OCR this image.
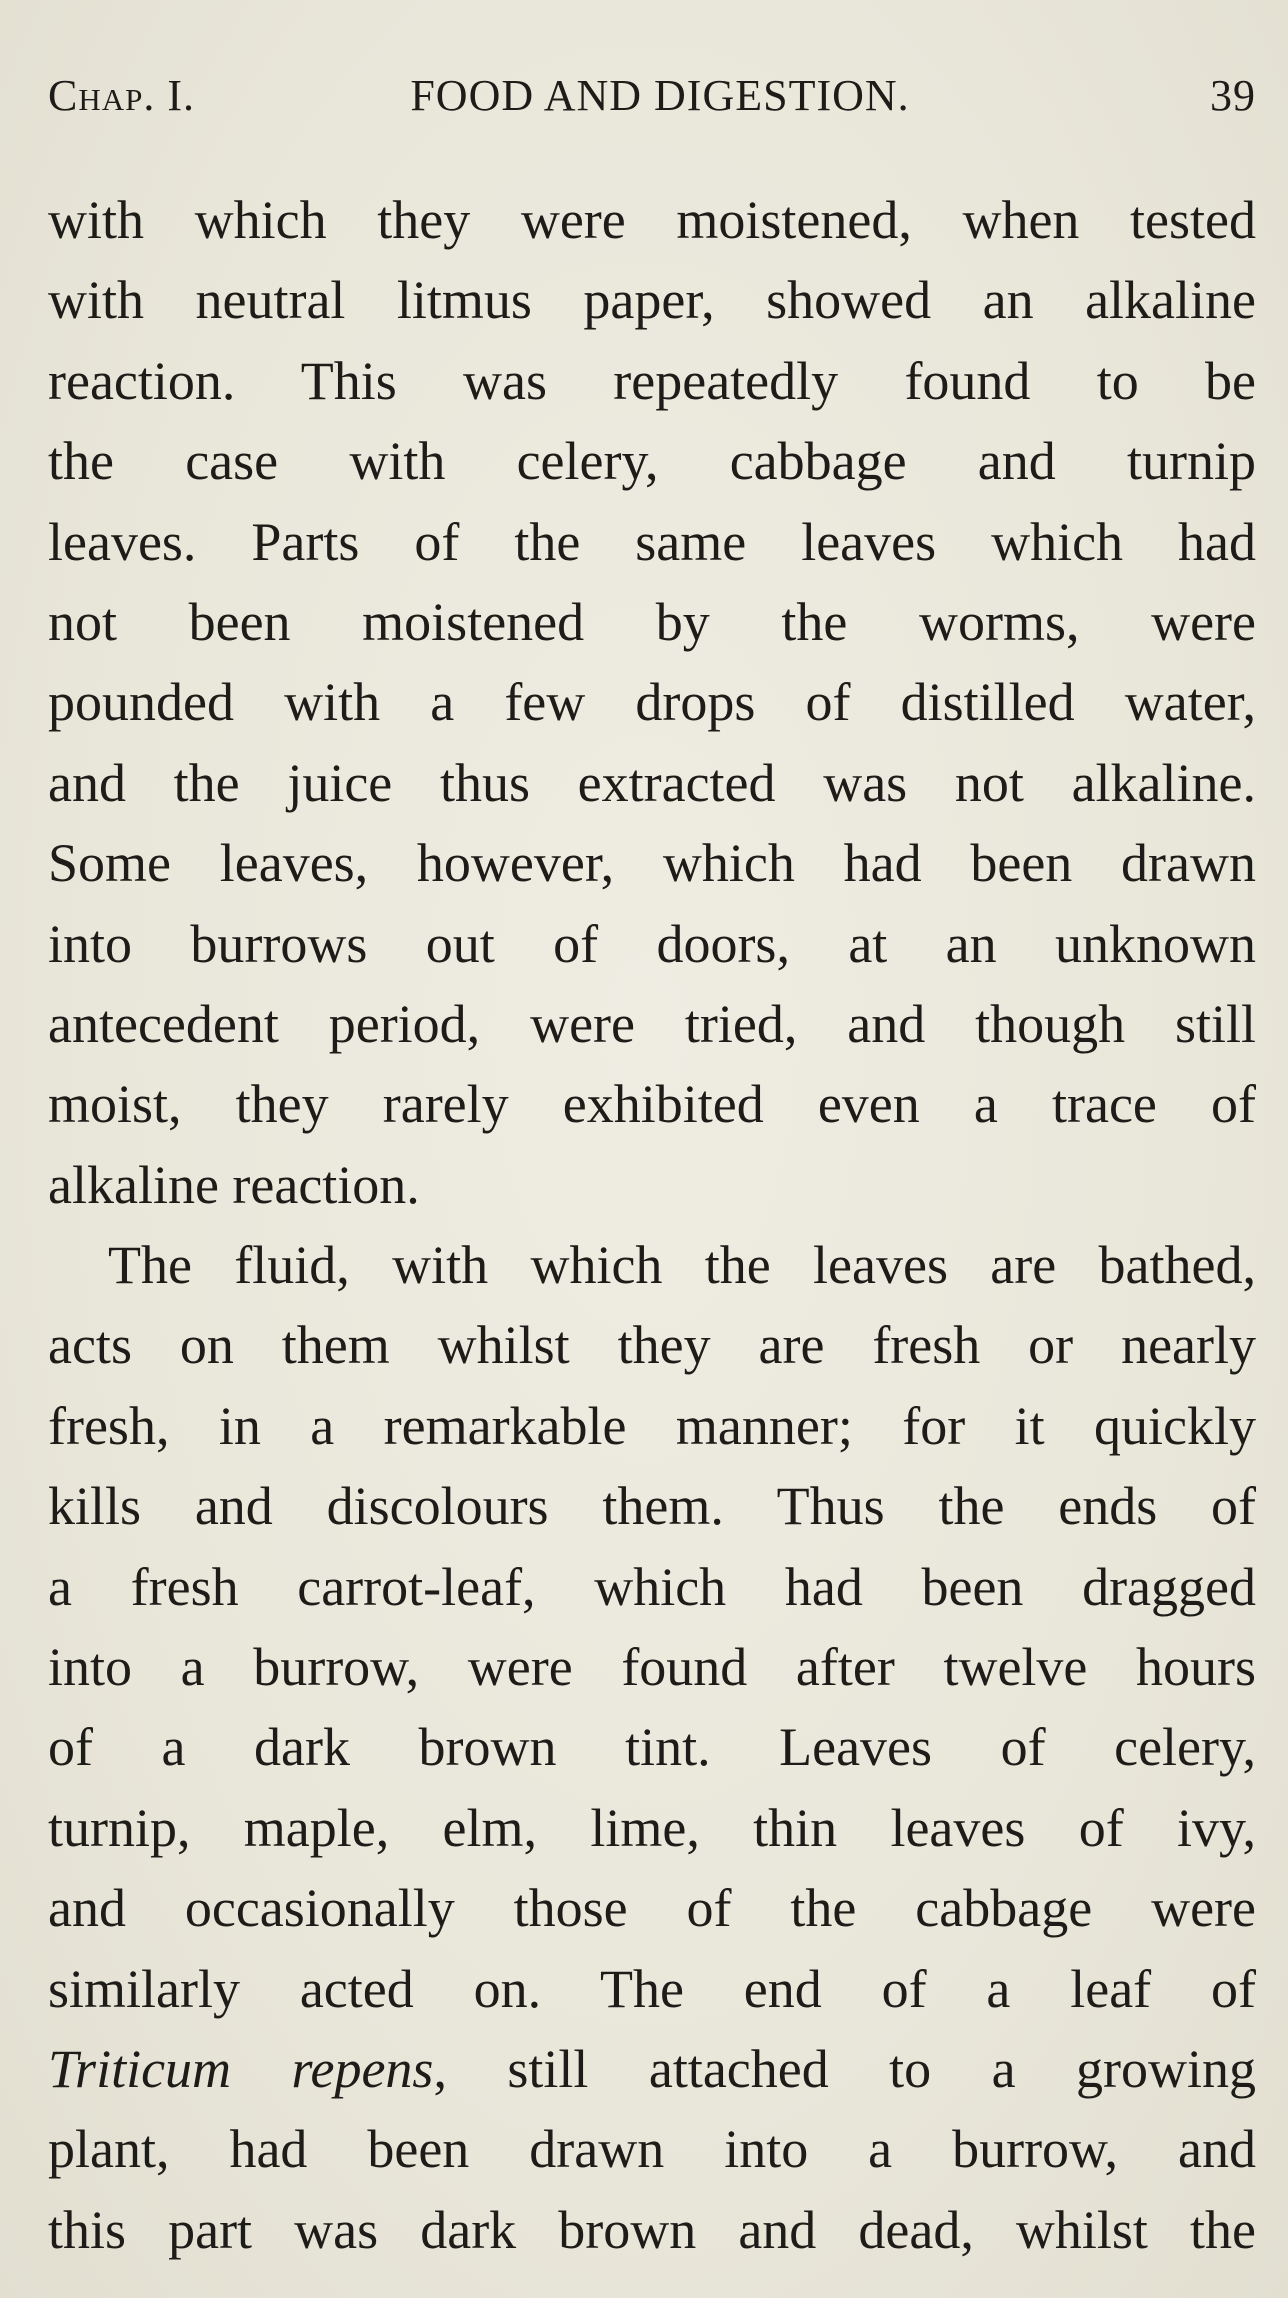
Chap. I.	FOOD AND DIGESTION.	39
with which they were moistened, when tested
with neutral litmus paper, showed an alkaline
reaction. This was repeatedly found to be
the case with celery, cabbage and turnip
leaves. Parts of the same leaves which had
not been moistened by the worms, were
pounded with a few drops of distilled water,
and the juice thus extracted was not alkaline.
Some leaves, however, which had been drawn
into burrows out of doors, at an unknown
antecedent period, were tried, and though still
moist, they rarely exhibited even a trace of
alkaline reaction.
The fluid, with which the leaves are bathed,
acts on them whilst they are fresh or nearly
fresh, in a remarkable manner; for it quickly
kills and discolours them. Thus the ends of
a fresh carrot-leaf, which had been dragged
into a burrow, were found after twelve hours
of a dark brown tint. Leaves of celery,
turnip, maple, elm, lime, thin leaves of ivy,
and occasionally those of the cabbage were
similarly acted on. The end of a leaf of
Triticum repens, still attached to a growing
plant, had been drawn into a burrow, and
this part was dark brown and dead, whilst the
